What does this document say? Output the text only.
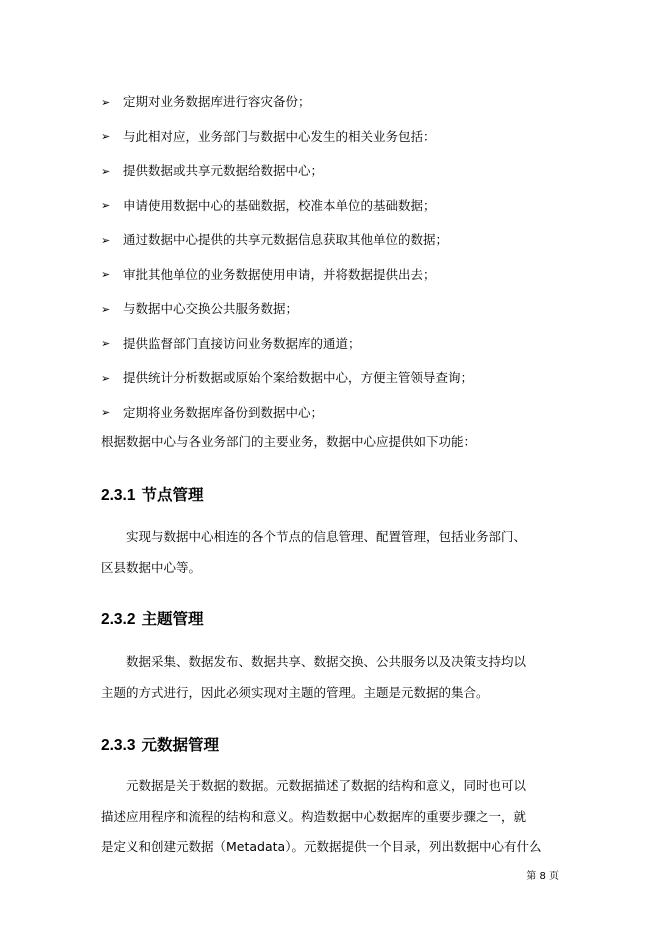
➢	定期对业务数据库进行容灾备份；
➢	与此相对应，业务部门与数据中心发生的相关业务包括：
➢	提供数据或共享元数据给数据中心；
➢	申请使用数据中心的基础数据，校准本单位的基础数据；
➢	通过数据中心提供的共享元数据信息获取其他单位的数据；
➢	审批其他单位的业务数据使用申请，并将数据提供出去；
➢	与数据中心交换公共服务数据；
➢	提供监督部门直接访问业务数据库的通道；
➢	提供统计分析数据或原始个案给数据中心，方便主管领导查询；
➢	定期将业务数据库备份到数据中心；
根据数据中心与各业务部门的主要业务，数据中心应提供如下功能：
2.3.1 节点管理

实现与数据中心相连的各个节点的信息管理、配置管理，包括业务部门、

区县数据中心等。

2.3.2 主题管理

数据采集、数据发布、数据共享、数据交换、公共服务以及决策支持均以

主题的方式进行，因此必须实现对主题的管理。主题是元数据的集合。

2.3.3 元数据管理

元数据是关于数据的数据。元数据描述了数据的结构和意义，同时也可以

描述应用程序和流程的结构和意义。构造数据中心数据库的重要步骤之一，就

是定义和创建元数据（Metadata）。元数据提供一个目录，列出数据中心有什么

第 8 页
